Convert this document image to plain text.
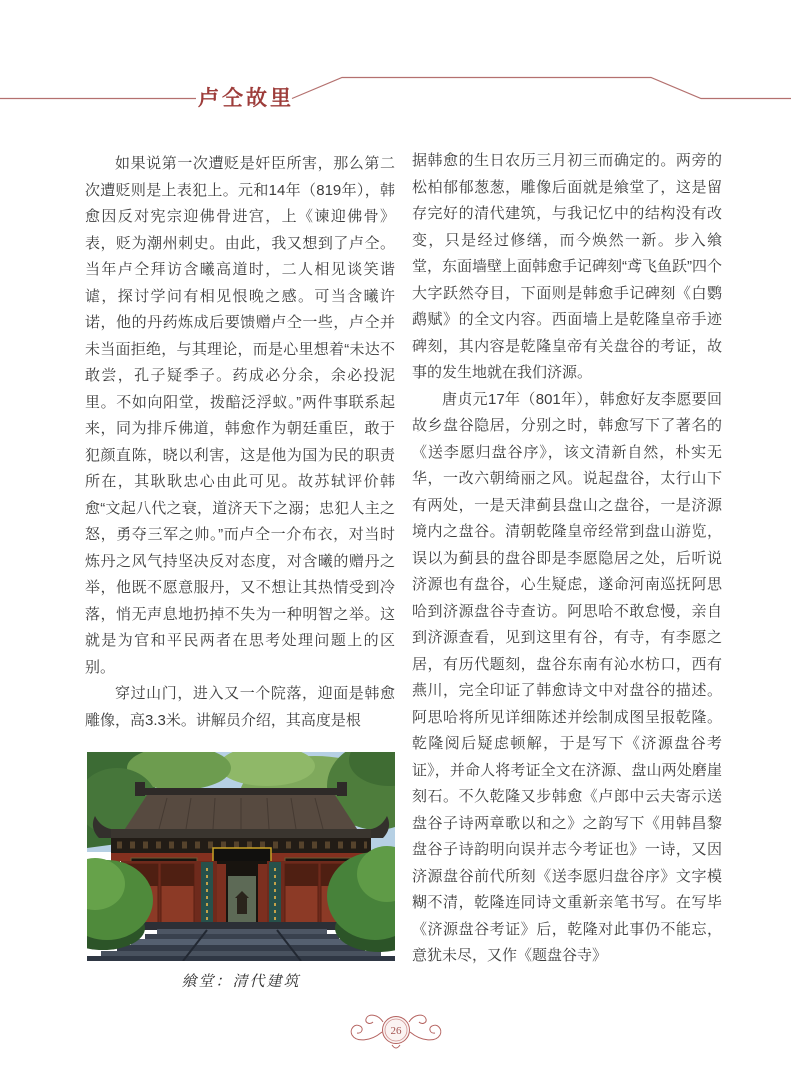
卢仝故里

如果说第一次遭贬是奸臣所害，那么第二次遭贬则是上表犯上。元和14年（819年），韩愈因反对宪宗迎佛骨进宫，上《谏迎佛骨》表，贬为潮州刺史。由此，我又想到了卢仝。当年卢仝拜访含曦高道时，二人相见谈笑谐谑，探讨学问有相见恨晚之感。可当含曦许诺，他的丹药炼成后要馈赠卢仝一些，卢仝并未当面拒绝，与其理论，而是心里想着“未达不敢尝，孔子疑季子。药成必分余，余必投泥里。不如向阳堂，拨醅泛浮蚁。”两件事联系起来，同为排斥佛道，韩愈作为朝廷重臣，敢于犯颜直陈，晓以利害，这是他为国为民的职责所在，其耿耿忠心由此可见。故苏轼评价韩愈“文起八代之衰，道济天下之溺；忠犯人主之怒，勇夺三军之帅。”而卢仝一介布衣，对当时炼丹之风气持坚决反对态度，对含曦的赠丹之举，他既不愿意服丹，又不想让其热情受到冷落，悄无声息地扔掉不失为一种明智之举。这就是为官和平民两者在思考处理问题上的区别。

穿过山门，进入又一个院落，迎面是韩愈雕像，高3.3米。讲解员介绍，其高度是根

据韩愈的生日农历三月初三而确定的。两旁的松柏郁郁葱葱，雕像后面就是飨堂了，这是留存完好的清代建筑，与我记忆中的结构没有改变，只是经过修缮，而今焕然一新。步入飨堂，东面墙壁上面韩愈手记碑刻“鸢飞鱼跃”四个大字跃然夺目，下面则是韩愈手记碑刻《白鹦鹉赋》的全文内容。西面墙上是乾隆皇帝手迹碑刻，其内容是乾隆皇帝有关盘谷的考证，故事的发生地就在我们济源。

唐贞元17年（801年），韩愈好友李愿要回故乡盘谷隐居，分别之时，韩愈写下了著名的《送李愿归盘谷序》，该文清新自然，朴实无华，一改六朝绮丽之风。说起盘谷，太行山下有两处，一是天津蓟县盘山之盘谷，一是济源境内之盘谷。清朝乾隆皇帝经常到盘山游览，误以为蓟县的盘谷即是李愿隐居之处，后听说济源也有盘谷，心生疑虑，遂命河南巡抚阿思哈到济源盘谷寺查访。阿思哈不敢怠慢，亲自到济源查看，见到这里有谷，有寺，有李愿之居，有历代题刻，盘谷东南有沁水枋口，西有燕川，完全印证了韩愈诗文中对盘谷的描述。阿思哈将所见详细陈述并绘制成图呈报乾隆。乾隆阅后疑虑顿解，于是写下《济源盘谷考证》，并命人将考证全文在济源、盘山两处磨崖刻石。不久乾隆又步韩愈《卢郎中云夫寄示送盘谷子诗两章歌以和之》之韵写下《用韩昌黎盘谷子诗韵明向误并志今考证也》一诗，又因济源盘谷前代所刻《送李愿归盘谷序》文字模糊不清，乾隆连同诗文重新亲笔书写。在写毕《济源盘谷考证》后，乾隆对此事仍不能忘，意犹未尽，又作《题盘谷寺》

飨堂：清代建筑
26
